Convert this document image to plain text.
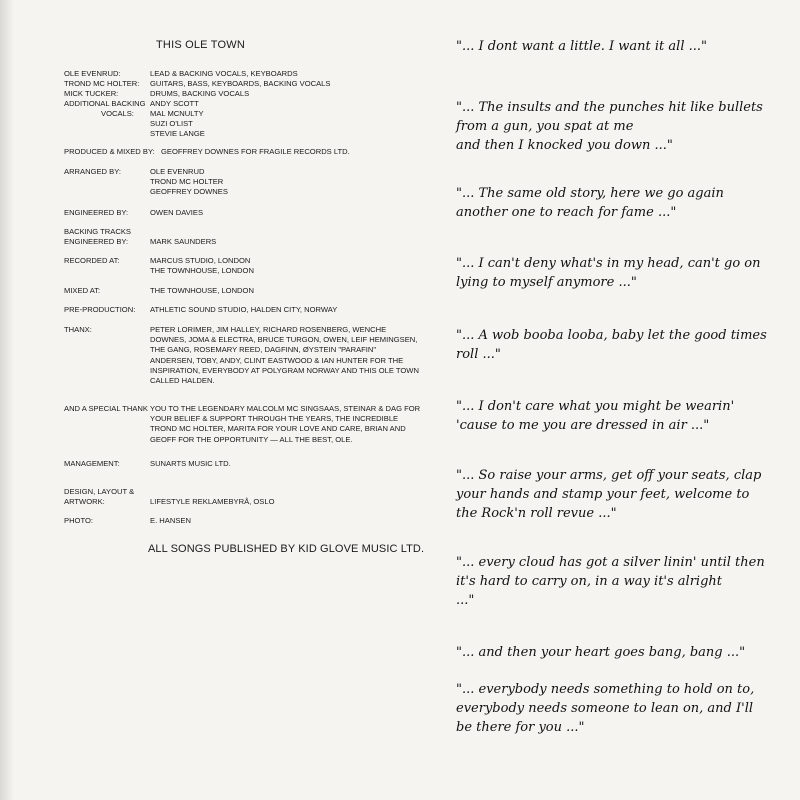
THIS OLE TOWN
OLE EVENRUD:	LEAD & BACKING VOCALS, KEYBOARDS
TROND MC HOLTER:	GUITARS, BASS, KEYBOARDS, BACKING VOCALS
MICK TUCKER:	DRUMS, BACKING VOCALS
ADDITIONAL BACKING ANDY SCOTT
VOCALS:	MAL MCNULTY
SUZI O'LIST
STEVIE LANGE
PRODUCED & MIXED BY: GEOFFREY DOWNES FOR FRAGILE RECORDS LTD.
ARRANGED BY:	OLE EVENRUD
TROND MC HOLTER
GEOFFREY DOWNES
ENGINEERED BY:	OWEN DAVIES
BACKING TRACKS
ENGINEERED BY:	MARK SAUNDERS
RECORDED AT:	MARCUS STUDIO, LONDON
THE TOWNHOUSE, LONDON
MIXED AT:	THE TOWNHOUSE, LONDON
PRE-PRODUCTION:	ATHLETIC SOUND STUDIO, HALDEN CITY, NORWAY
THANX:	PETER LORIMER, JIM HALLEY, RICHARD ROSENBERG, WENCHE
DOWNES, JOMA & ELECTRA, BRUCE TURGON, OWEN, LEIF HEMINGSEN,
THE GANG, ROSEMARY REED, DAGFINN, ØYSTEIN "PARAFIN"
ANDERSEN, TOBY, ANDY, CLINT EASTWOOD & IAN HUNTER FOR THE
INSPIRATION, EVERYBODY AT POLYGRAM NORWAY AND THIS OLE TOWN
CALLED HALDEN.
AND A SPECIAL THANK YOU TO THE LEGENDARY MALCOLM MC SINGSAAS, STEINAR & DAG FOR
YOUR BELIEF & SUPPORT THROUGH THE YEARS, THE INCREDIBLE
TROND MC HOLTER, MARITA FOR YOUR LOVE AND CARE, BRIAN AND
GEOFF FOR THE OPPORTUNITY — ALL THE BEST, OLE.
MANAGEMENT:	SUNARTS MUSIC LTD.
DESIGN, LAYOUT &
ARTWORK:	LIFESTYLE REKLAMEBYRÅ, OSLO
PHOTO:	E. HANSEN
ALL SONGS PUBLISHED BY KID GLOVE MUSIC LTD.
"... I dont want a little. I want it all ..."
"... The insults and the punches hit like bullets
from a gun, you spat at me
and then I knocked you down ..."
"... The same old story, here we go again
another one to reach for fame ..."
"... I can't deny what's in my head, can't go on
lying to myself anymore ..."
"... A wob booba looba, baby let the good times
roll ..."
"... I don't care what you might be wearin'
'cause to me you are dressed in air ..."
"... So raise your arms, get off your seats, clap
your hands and stamp your feet, welcome to
the Rock'n roll revue ..."
"... every cloud has got a silver linin' until then
it's hard to carry on, in a way it's alright
..."
"... and then your heart goes bang, bang ..."
"... everybody needs something to hold on to,
everybody needs someone to lean on, and I'll
be there for you ..."
